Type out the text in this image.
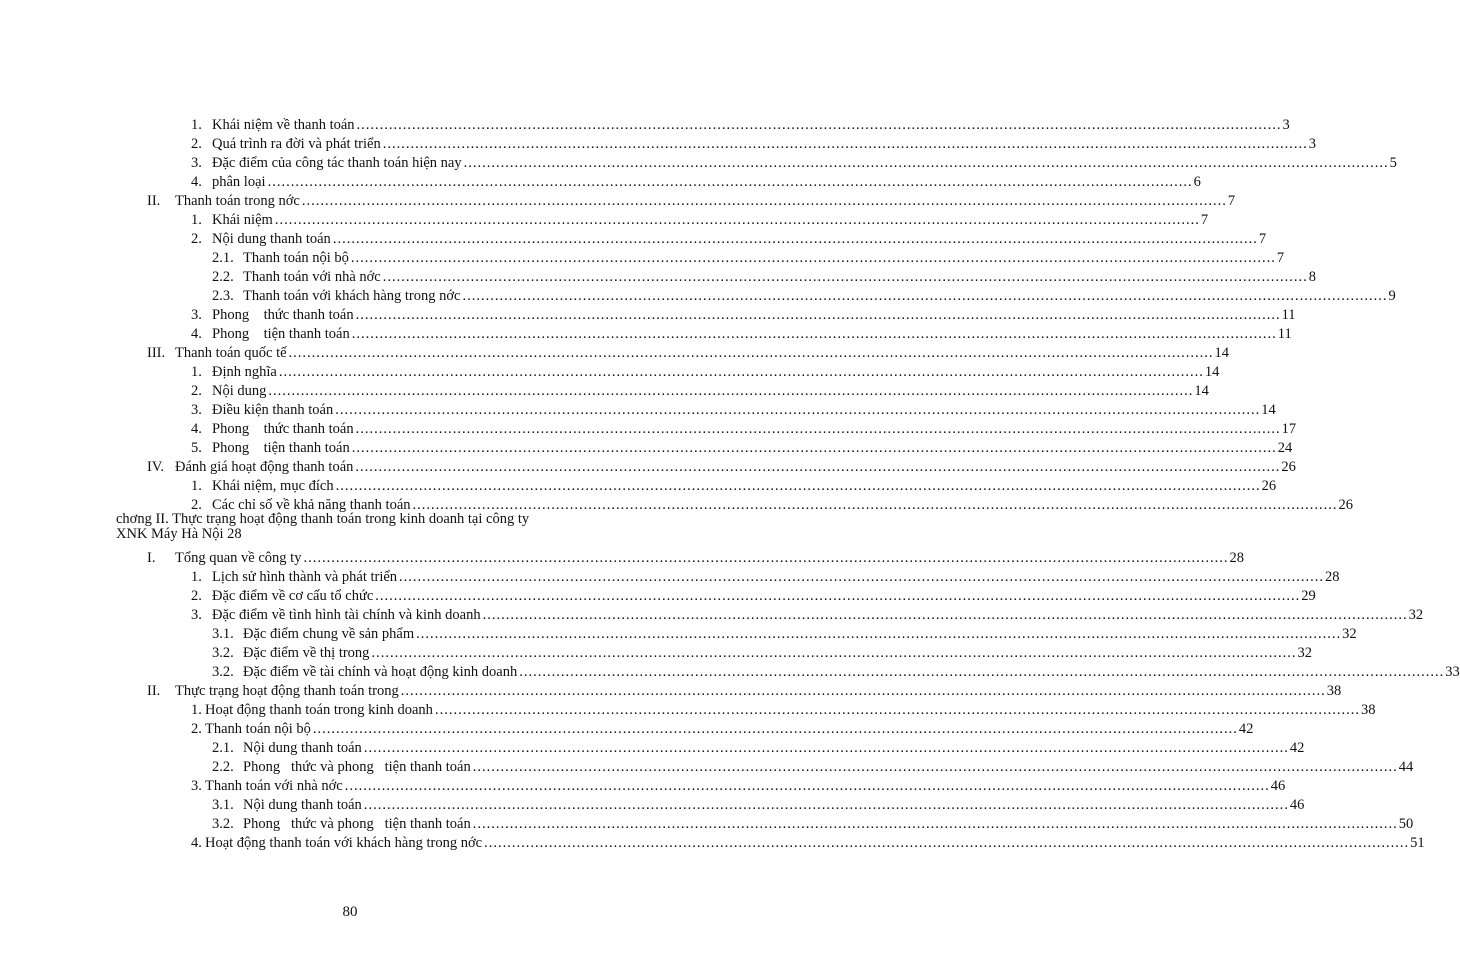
1. Khái niệm về thanh toán ........................................................................................................................................................................................................ 3
2. Quá trình ra đời và phát triển ........................................................................................................................................................................................................ 3
3. Đặc điểm của công tác thanh toán hiện nay ........................................................................................................................................................................................................ 5
4. phân loại ........................................................................................................................................................................................................ 6
II.	Thanh toán trong nớc ........................................................................................................................................................................................................ 7
1. Khái niệm ........................................................................................................................................................................................................ 7
2. Nội dung thanh toán ........................................................................................................................................................................................................ 7
2.1. Thanh toán nội bộ ........................................................................................................................................................................................................ 7
2.2. Thanh toán với nhà nớc ........................................................................................................................................................................................................ 8
2.3. Thanh toán với khách hàng trong nớc ........................................................................................................................................................................................................ 9
3. Phong    thức thanh toán ........................................................................................................................................................................................................ 11
4. Phong    tiện thanh toán ........................................................................................................................................................................................................ 11
III. Thanh toán quốc tế ........................................................................................................................................................................................................ 14
1. Định nghĩa ........................................................................................................................................................................................................ 14
2. Nội dung ........................................................................................................................................................................................................ 14
3. Điều kiện thanh toán ........................................................................................................................................................................................................ 14
4. Phong    thức thanh toán ........................................................................................................................................................................................................ 17
5. Phong    tiện thanh toán ........................................................................................................................................................................................................ 24
IV. Đánh giá hoạt động thanh toán ........................................................................................................................................................................................................ 26
1. Khái niệm, mục đích ........................................................................................................................................................................................................ 26
2. Các chỉ số về khả năng thanh toán ........................................................................................................................................................................................................ 26
I.	Tổng quan về công ty ........................................................................................................................................................................................................ 28
1. Lịch sử hình thành và phát triển ........................................................................................................................................................................................................ 28
2. Đặc điểm về cơ cấu tổ chức ........................................................................................................................................................................................................ 29
3. Đặc điểm về tình hình tài chính và kinh doanh ........................................................................................................................................................................................................ 32
3.1. Đặc điểm chung về sản phẩm ........................................................................................................................................................................................................ 32
3.2. Đặc điểm về thị trong ........................................................................................................................................................................................................ 32
3.2. Đặc điểm về tài chính và hoạt động kinh doanh ........................................................................................................................................................................................................ 33
II.	Thực trạng hoạt động thanh toán trong ........................................................................................................................................................................................................ 38
1. Hoạt động thanh toán trong kinh doanh ........................................................................................................................................................................................................ 38
2. Thanh toán nội bộ ........................................................................................................................................................................................................ 42
2.1. Nội dung thanh toán ........................................................................................................................................................................................................ 42
2.2. Phong   thức và phong   tiện thanh toán ........................................................................................................................................................................................................ 44
3. Thanh toán với nhà nớc ........................................................................................................................................................................................................ 46
3.1. Nội dung thanh toán ........................................................................................................................................................................................................ 46
3.2. Phong   thức và phong   tiện thanh toán ........................................................................................................................................................................................................ 50
4. Hoạt động thanh toán với khách hàng trong nớc ........................................................................................................................................................................................................ 51
chơng II. Thực trạng hoạt động thanh toán trong kinh doanh tại công ty
XNK Máy Hà Nội 28
80
